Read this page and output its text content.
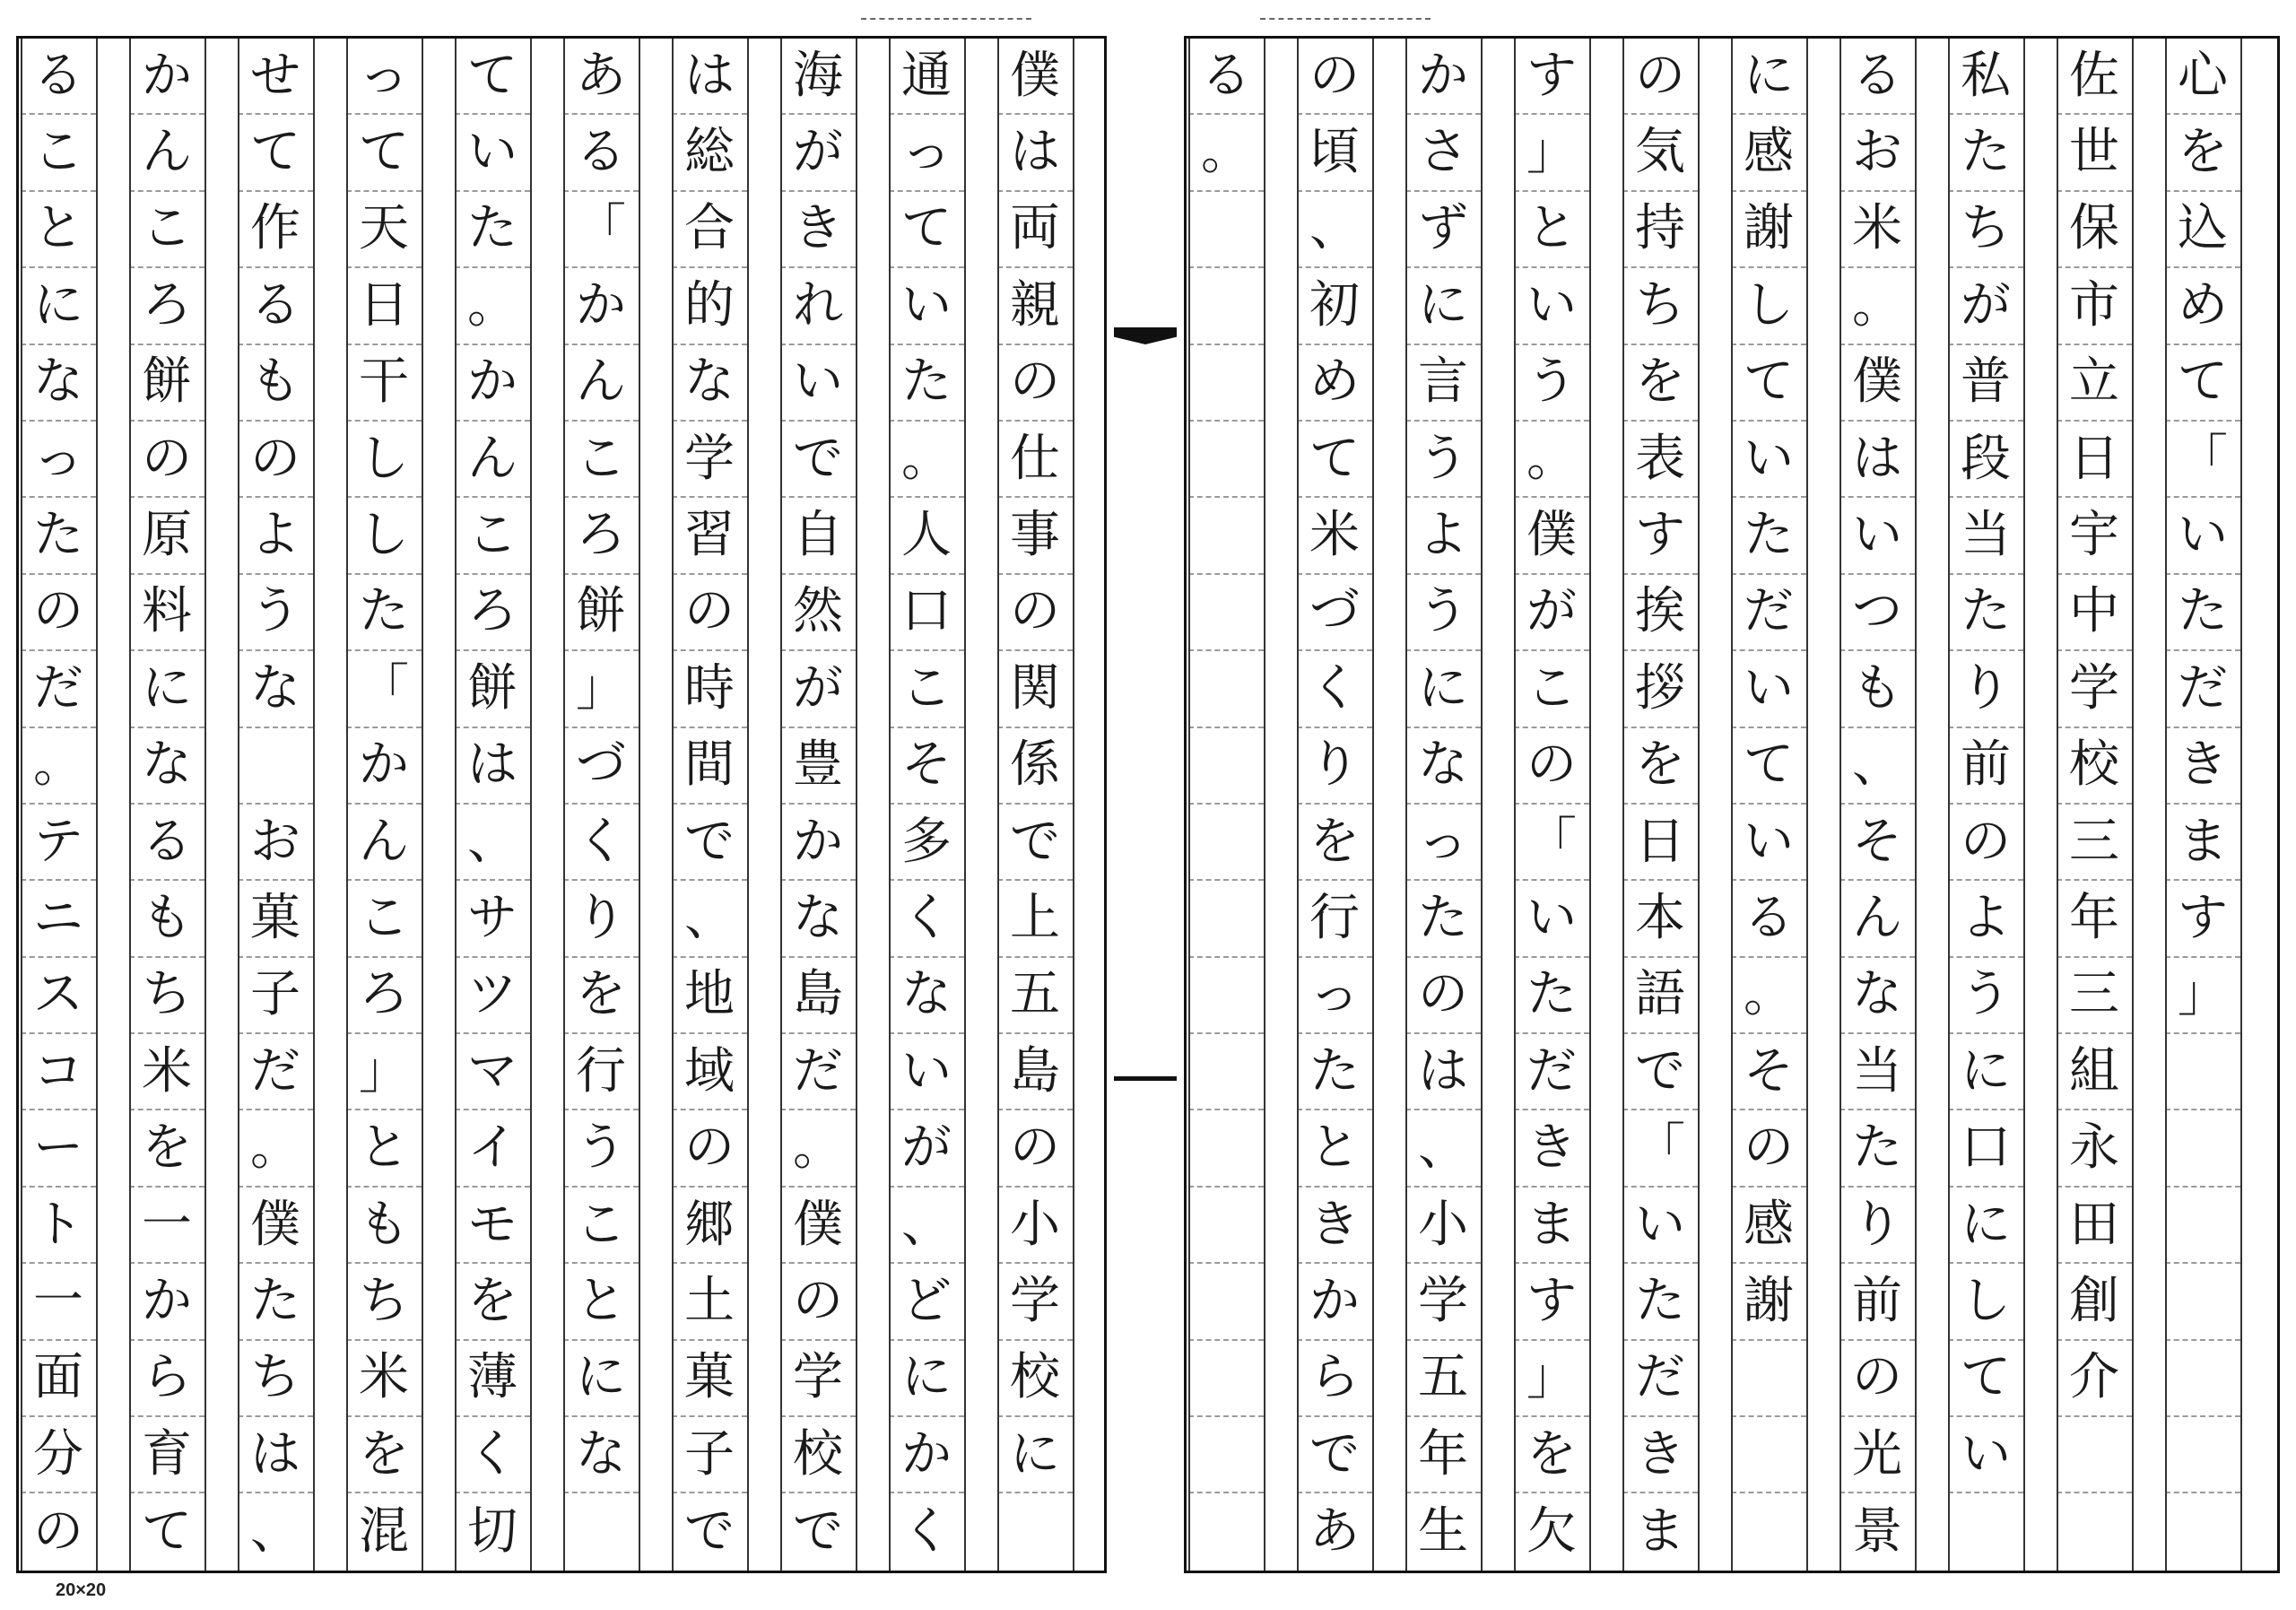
る
こ
と
に
な
っ
た
の
だ
。
テ
ニ
ス
コ
ー
ト
一
面
分
の
か
ん
こ
ろ
餅
の
原
料
に
な
る
も
ち
米
を
一
か
ら
育
て
せ
て
作
る
も
の
よ
う
な
お
菓
子
だ
。
僕
た
ち
は
、
っ
て
天
日
干
し
し
た
「
か
ん
こ
ろ
」
と
も
ち
米
を
混
て
い
た
。
か
ん
こ
ろ
餅
は
、
サ
ツ
マ
イ
モ
を
薄
く
切
あ
る
「
か
ん
こ
ろ
餅
」
づ
く
り
を
行
う
こ
と
に
な
は
総
合
的
な
学
習
の
時
間
で
、
地
域
の
郷
土
菓
子
で
海
が
き
れ
い
で
自
然
が
豊
か
な
島
だ
。
僕
の
学
校
で
通
っ
て
い
た
。
人
口
こ
そ
多
く
な
い
が
、
ど
に
か
く
僕
は
両
親
の
仕
事
の
関
係
で
上
五
島
の
小
学
校
に
る
。
の
頃
、
初
め
て
米
づ
く
り
を
行
っ
た
と
き
か
ら
で
あ
か
さ
ず
に
言
う
よ
う
に
な
っ
た
の
は
、
小
学
五
年
生
す
」
と
い
う
。
僕
が
こ
の
「
い
た
だ
き
ま
す
」
を
欠
の
気
持
ち
を
表
す
挨
拶
を
日
本
語
で
「
い
た
だ
き
ま
に
感
謝
し
て
い
た
だ
い
て
い
る
。
そ
の
感
謝
る
お
米
。
僕
は
い
つ
も
、
そ
ん
な
当
た
り
前
の
光
景
私
た
ち
が
普
段
当
た
り
前
の
よ
う
に
口
に
し
て
い
佐
世
保
市
立
日
宇
中
学
校
三
年
三
組
永
田
創
介
心
を
込
め
て
「
い
た
だ
き
ま
す
」
20×20
